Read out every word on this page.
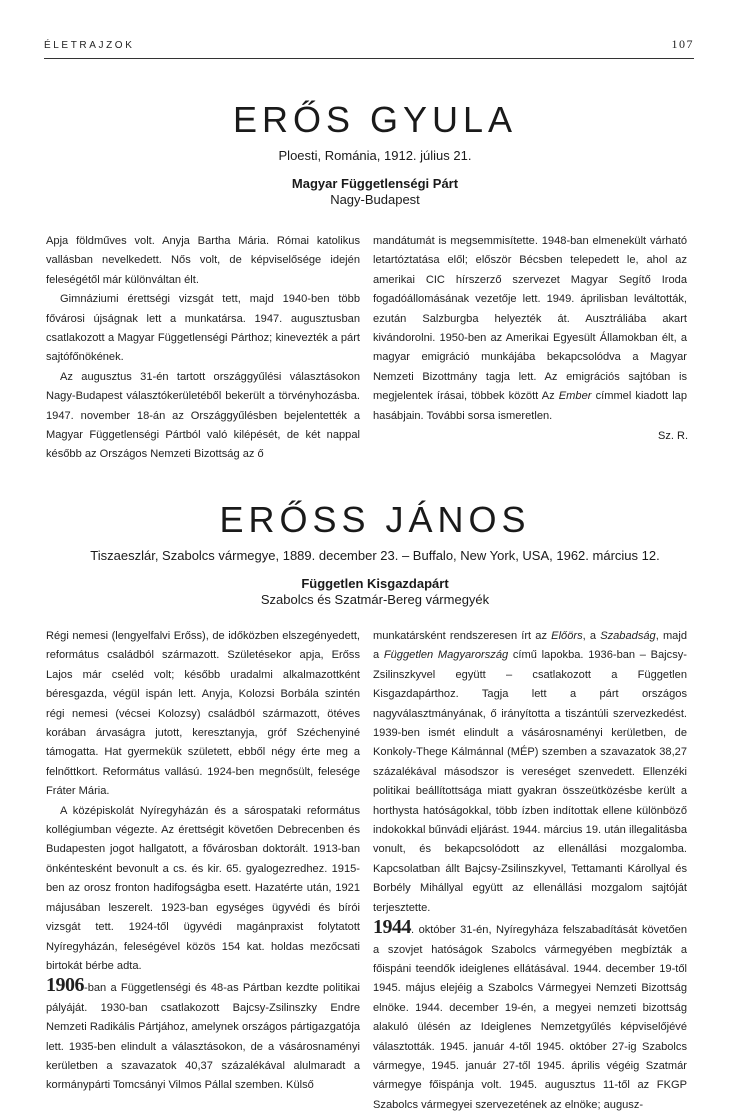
ÉLETRAJZOK	107
ERŐS GYULA
Ploesti, Románia, 1912. július 21.
Magyar Függetlenségi Párt
Nagy-Budapest

Apja földműves volt. Anyja Bartha Mária. Római katolikus vallásban nevelkedett. Nős volt, de képviselősége idején feleségétől már különváltan élt.

Gimnáziumi érettségi vizsgát tett, majd 1940-ben több fővárosi újságnak lett a munkatársa. 1947. augusztusban csatlakozott a Magyar Függetlenségi Párthoz; kinevezték a párt sajtófőnökének.

Az augusztus 31-én tartott országgyűlési választásokon Nagy-Budapest választókerületéből bekerült a törvényhozásba. 1947. november 18-án az Országgyűlésben bejelentették a Magyar Függetlenségi Pártból való kilépését, de két nappal később az Országos Nemzeti Bizottság az ő

mandátumát is megsemmisítette. 1948-ban elmenekült várható letartóztatása elől; először Bécsben telepedett le, ahol az amerikai CIC hírszerző szervezet Magyar Segítő Iroda fogadóállomásának vezetője lett. 1949. áprilisban leváltották, ezután Salzburgba helyezték át. Ausztráliába akart kivándorolni. 1950-ben az Amerikai Egyesült Államokban élt, a magyar emigráció munkájába bekapcsolódva a Magyar Nemzeti Bizottmány tagja lett. Az emigrációs sajtóban is megjelentek írásai, többek között Az Ember címmel kiadott lap hasábjain. További sorsa ismeretlen.

Sz. R.
ERŐSS JÁNOS
Tiszaeszlár, Szabolcs vármegye, 1889. december 23. – Buffalo, New York, USA, 1962. március 12.
Független Kisgazdapárt
Szabolcs és Szatmár-Bereg vármegyék

Régi nemesi (lengyelfalvi Erőss), de időközben elszegényedett, református családból származott. Születésekor apja, Erőss Lajos már cseléd volt; később uradalmi alkalmazottként béresgazda, végül ispán lett. Anyja, Kolozsi Borbála szintén régi nemesi (vécsei Kolozsy) családból származott, ötéves korában árvaságra jutott, keresztanyja, gróf Széchenyiné támogatta. Hat gyermekük született, ebből négy érte meg a felnőttkort. Református vallású. 1924-ben megnősült, felesége Fráter Mária.

A középiskolát Nyíregyházán és a sárospataki református kollégiumban végezte. Az érettségit követően Debrecenben és Budapesten jogot hallgatott, a fővárosban doktorált. 1913-ban önkéntesként bevonult a cs. és kir. 65. gyalogezredhez. 1915-ben az orosz fronton hadifogságba esett. Hazatérte után, 1921 májusában leszerelt. 1923-ban egységes ügyvédi és bírói vizsgát tett. 1924-től ügyvédi magánpraxist folytatott Nyíregyházán, feleségével közös 154 kat. holdas mezőcsati birtokát bérbe adta.

1906-ban a Függetlenségi és 48-as Pártban kezdte politikai pályáját. 1930-ban csatlakozott Bajcsy-Zsilinszky Endre Nemzeti Radikális Pártjához, amelynek országos pártigazgatója lett. 1935-ben elindult a választásokon, de a vásárosnaményi kerületben a szavazatok 40,37 százalékával alulmaradt a kormánypárti Tomcsányi Vilmos Pállal szemben. Külső

munkatársként rendszeresen írt az Előörs, a Szabadság, majd a Független Magyarország című lapokba. 1936-ban – Bajcsy-Zsilinszkyvel együtt – csatlakozott a Független Kisgazdapárthoz. Tagja lett a párt országos nagyválasztmányának, ő irányította a tiszántúli szervezkedést. 1939-ben ismét elindult a vásárosnaményi kerületben, de Konkoly-Thege Kálmánnal (MÉP) szemben a szavazatok 38,27 százalékával másodszor is vereséget szenvedett. Ellenzéki politikai beállítottsága miatt gyakran összeütközésbe került a horthysta hatóságokkal, több ízben indítottak ellene különböző indokokkal bűnvádi eljárást. 1944. március 19. után illegalitásba vonult, és bekapcsolódott az ellenállási mozgalomba. Kapcsolatban állt Bajcsy-Zsilinszkyvel, Tettamanti Károllyal és Borbély Mihállyal együtt az ellenállási mozgalom sajtóját terjesztette.

1944. október 31-én, Nyíregyháza felszabadítását követően a szovjet hatóságok Szabolcs vármegyében megbízták a főispáni teendők ideiglenes ellátásával. 1944. december 19-től 1945. május elejéig a Szabolcs Vármegyei Nemzeti Bizottság elnöke. 1944. december 19-én, a megyei nemzeti bizottság alakuló ülésén az Ideiglenes Nemzetgyűlés képviselőjévé választották. 1945. január 4-től 1945. október 27-ig Szabolcs vármegye, 1945. január 27-től 1945. április végéig Szatmár vármegye főispánja volt. 1945. augusztus 11-től az FKGP Szabolcs vármegyei szervezetének az elnöke; augusz-
